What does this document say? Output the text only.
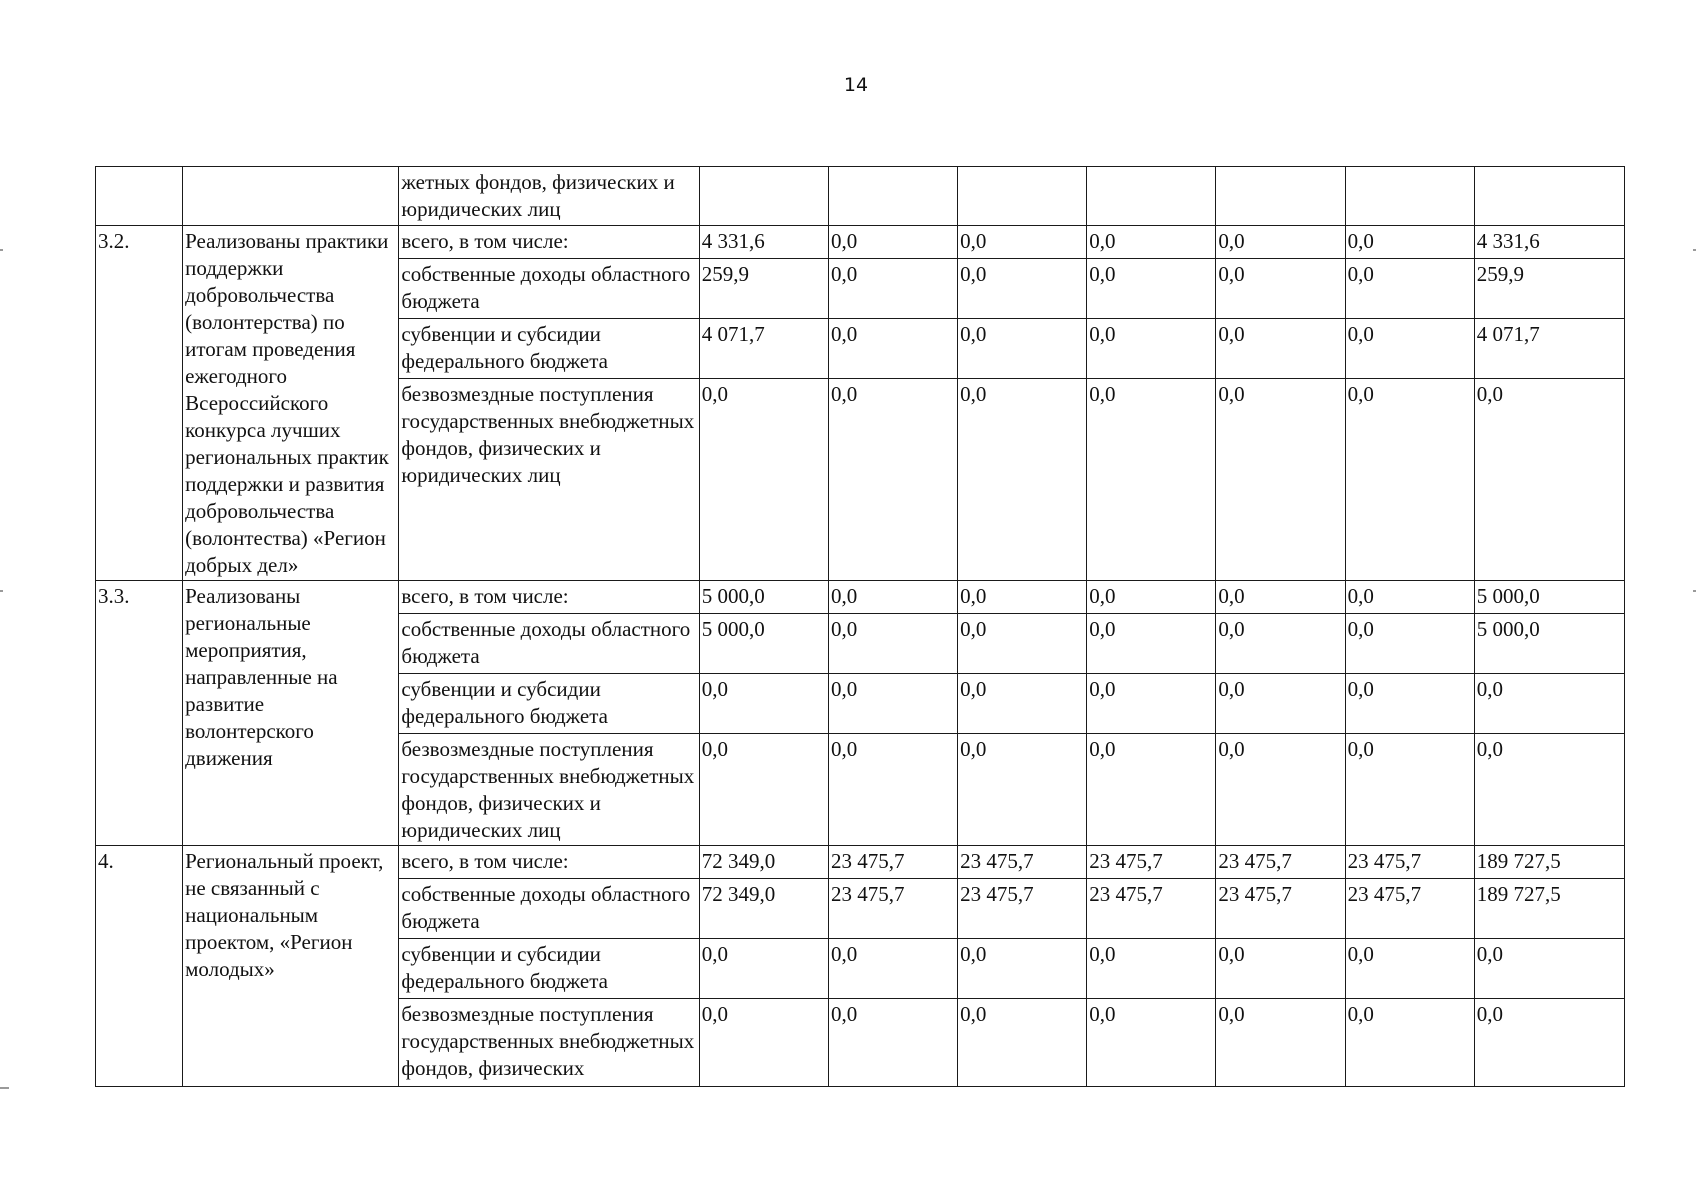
14
		жетных фондов, физических и юридических лиц							
3.2.	Реализованы практики поддержки добровольчества (волонтерства) по итогам проведения ежегодного Всероссийского конкурса лучших региональных практик поддержки и развития добровольчества (волонтества) «Регион добрых дел»	всего, в том числе:	4 331,6	0,0	0,0	0,0	0,0	0,0	4 331,6
		собственные доходы областного бюджета	259,9	0,0	0,0	0,0	0,0	0,0	259,9
		субвенции и субсидии федерального бюджета	4 071,7	0,0	0,0	0,0	0,0	0,0	4 071,7
		безвозмездные поступления государственных внебюджетных фондов, физических и юридических лиц	0,0	0,0	0,0	0,0	0,0	0,0	0,0
3.3.	Реализованы региональные мероприятия, направленные на развитие волонтерского движения	всего, в том числе:	5 000,0	0,0	0,0	0,0	0,0	0,0	5 000,0
		собственные доходы областного бюджета	5 000,0	0,0	0,0	0,0	0,0	0,0	5 000,0
		субвенции и субсидии федерального бюджета	0,0	0,0	0,0	0,0	0,0	0,0	0,0
		безвозмездные поступления государственных внебюджетных фондов, физических и юридических лиц	0,0	0,0	0,0	0,0	0,0	0,0	0,0
4.	Региональный проект, не связанный с национальным проектом, «Регион молодых»	всего, в том числе:	72 349,0	23 475,7	23 475,7	23 475,7	23 475,7	23 475,7	189 727,5
		собственные доходы областного бюджета	72 349,0	23 475,7	23 475,7	23 475,7	23 475,7	23 475,7	189 727,5
		субвенции и субсидии федерального бюджета	0,0	0,0	0,0	0,0	0,0	0,0	0,0
		безвозмездные поступления государственных внебюджетных фондов, физических	0,0	0,0	0,0	0,0	0,0	0,0	0,0
